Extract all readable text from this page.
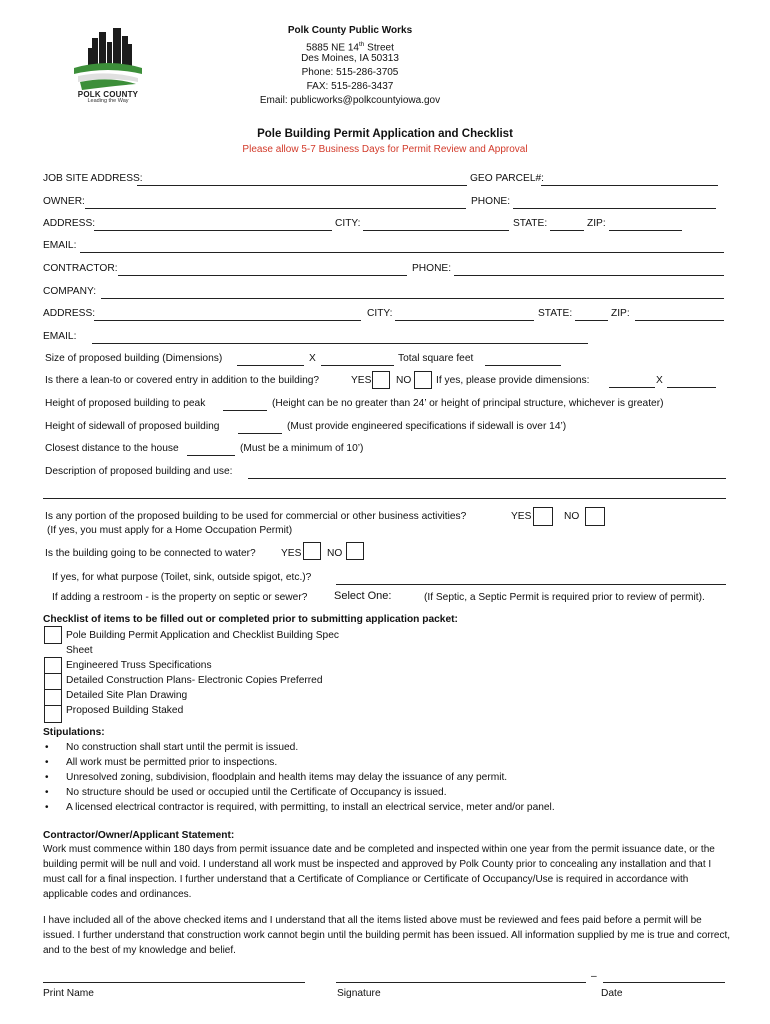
POLK COUNTY
Leading the Way
Polk County Public Works
5885 NE 14th Street
Des Moines, IA 50313
Phone: 515-286-3705
FAX: 515-286-3437
Email: publicworks@polkcountyiowa.gov
Pole Building Permit Application and Checklist
Please allow 5-7 Business Days for Permit Review and Approval
JOB SITE ADDRESS:	GEO PARCEL#:
OWNER:	PHONE:
ADDRESS:	CITY:	STATE:	ZIP:
EMAIL:
CONTRACTOR:	PHONE:
COMPANY:
ADDRESS:	CITY:	STATE:	ZIP:
EMAIL:
Size of proposed building (Dimensions)	X	Total square feet
Is there a lean-to or covered entry in addition to the building?	YES NO If yes, please provide dimensions:	X
Height of proposed building to peak	(Height can be no greater than 24’ or height of principal structure, whichever is greater)
Height of sidewall of proposed building	(Must provide engineered specifications if sidewall is over 14’)
Closest distance to the house	(Must be a minimum of 10’)
Description of proposed building and use:
Is any portion of the proposed building to be used for commercial or other business activities?	YES	NO
(If yes, you must apply for a Home Occupation Permit)
Is the building going to be connected to water? YES	NO
If yes, for what purpose (Toilet, sink, outside spigot, etc.)?
If adding a restroom - is the property on septic or sewer? Select One:	(If Septic, a Septic Permit is required prior to review of permit).
Checklist of items to be filled out or completed prior to submitting application packet:
Pole Building Permit Application and Checklist Building Spec
Sheet
Engineered Truss Specifications
Detailed Construction Plans- Electronic Copies Preferred
Detailed Site Plan Drawing
Proposed Building Staked
Stipulations:
• No construction shall start until the permit is issued.
• All work must be permitted prior to inspections.
• Unresolved zoning, subdivision, floodplain and health items may delay the issuance of any permit.
• No structure should be used or occupied until the Certificate of Occupancy is issued.
• A licensed electrical contractor is required, with permitting, to install an electrical service, meter and/or panel.
Contractor/Owner/Applicant Statement:
Work must commence within 180 days from permit issuance date and be completed and inspected within one year from the permit issuance date, or the building permit will be null and void. I understand all work must be inspected and approved by Polk County prior to concealing any installation and that I must call for a final inspection. I further understand that a Certificate of Compliance or Certificate of Occupancy/Use is required in accordance with applicable codes and ordinances.
I have included all of the above checked items and I understand that all the items listed above must be reviewed and fees paid before a permit will be issued. I further understand that construction work cannot begin until the building permit has been issued. All information supplied by me is true and correct, and to the best of my knowledge and belief.
–
Print Name	Signature	Date
